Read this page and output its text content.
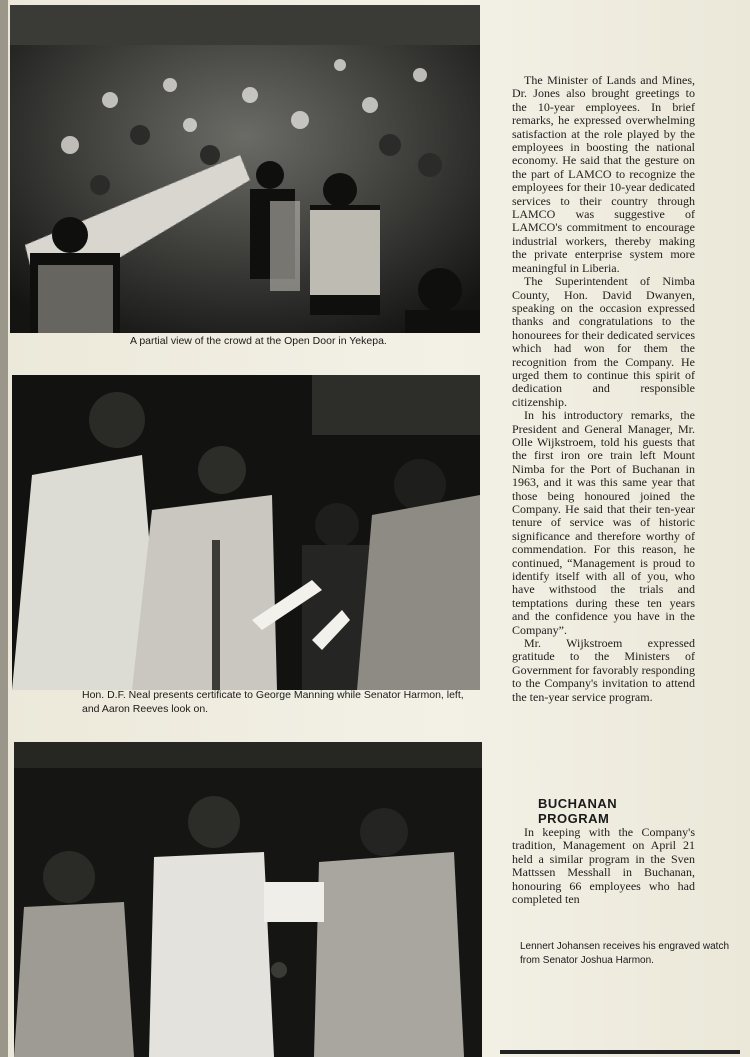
A partial view of the crowd at the Open Door in Yekepa.
Hon. D.F. Neal presents certificate to George Manning while Senator Harmon, left, and Aaron Reeves look on.
Lennert Johansen receives his engraved watch from Senator Joshua Harmon.

The Minister of Lands and Mines, Dr. Jones also brought greetings to the 10-year employees. In brief remarks, he expressed overwhelming satisfaction at the role played by the employees in boosting the national economy. He said that the gesture on the part of LAMCO to recognize the employees for their 10-year dedicated services to their country through LAMCO was suggestive of LAMCO's commitment to encourage industrial workers, thereby making the private enterprise system more meaningful in Liberia.

The Superintendent of Nimba County, Hon. David Dwanyen, speaking on the occasion expressed thanks and congratulations to the honourees for their dedicated services which had won for them the recognition from the Company. He urged them to continue this spirit of dedication and responsible citizenship.

In his introductory remarks, the President and General Manager, Mr. Olle Wijkstroem, told his guests that the first iron ore train left Mount Nimba for the Port of Buchanan in 1963, and it was this same year that those being honoured joined the Company. He said that their ten-year tenure of service was of historic significance and therefore worthy of commendation. For this reason, he continued, “Management is proud to identify itself with all of you, who have withstood the trials and temptations during these ten years and the confidence you have in the Company”.

Mr. Wijkstroem expressed gratitude to the Ministers of Government for favorably responding to the Company's invitation to attend the ten-year service program.

BUCHANAN PROGRAM

In keeping with the Company's tradition, Management on April 21 held a similar program in the Sven Mattssen Messhall in Buchanan, honouring 66 employees who had completed ten
